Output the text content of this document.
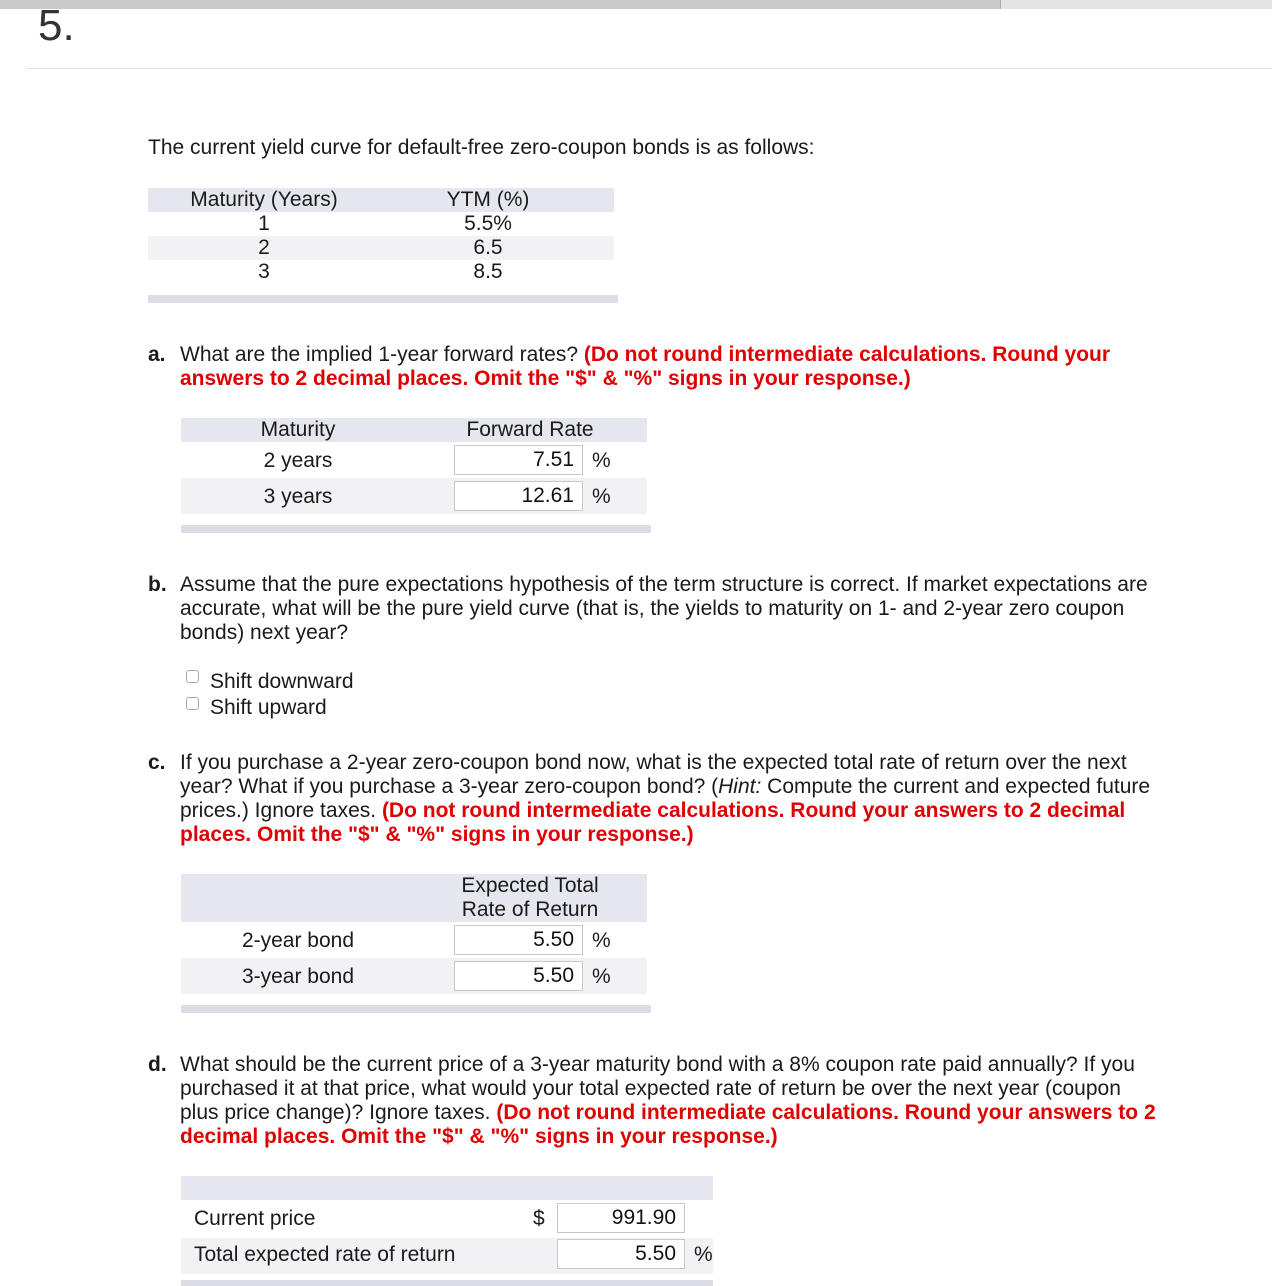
5.
The current yield curve for default-free zero-coupon bonds is as follows:
Maturity (Years)	YTM (%)
1	5.5%
2	6.5
3	8.5
a. What are the implied 1-year forward rates? (Do not round intermediate calculations. Round your answers to 2 decimal places. Omit the "$" & "%" signs in your response.)
Maturity	Forward Rate
2 years	7.51 %
3 years	12.61 %
b. Assume that the pure expectations hypothesis of the term structure is correct. If market expectations are accurate, what will be the pure yield curve (that is, the yields to maturity on 1- and 2-year zero coupon bonds) next year?
Shift downward
Shift upward
c. If you purchase a 2-year zero-coupon bond now, what is the expected total rate of return over the next year? What if you purchase a 3-year zero-coupon bond? (Hint: Compute the current and expected future prices.) Ignore taxes. (Do not round intermediate calculations. Round your answers to 2 decimal places. Omit the "$" & "%" signs in your response.)
Expected Total
Rate of Return
2-year bond	5.50 %
3-year bond	5.50 %
d. What should be the current price of a 3-year maturity bond with a 8% coupon rate paid annually? If you purchased it at that price, what would your total expected rate of return be over the next year (coupon plus price change)? Ignore taxes. (Do not round intermediate calculations. Round your answers to 2 decimal places. Omit the "$" & "%" signs in your response.)
Current price	$	991.90
Total expected rate of return	5.50 %
